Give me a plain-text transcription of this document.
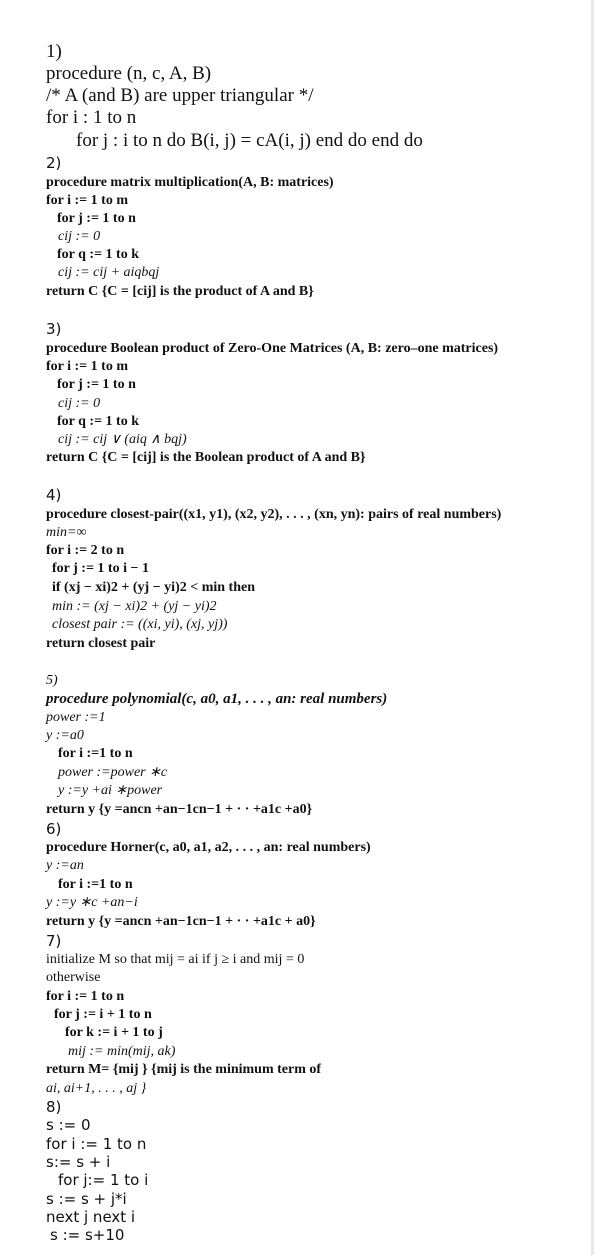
1)
procedure (n, c, A, B)
/* A (and B) are upper triangular */
for i : 1 to n
for j : i to n do B(i, j) = cA(i, j) end do end do
2)
procedure matrix multiplication(A, B: matrices)
for i := 1 to m
for j := 1 to n
cij := 0
for q := 1 to k
cij := cij + aiqbqj
return C {C = [cij] is the product of A and B}
3)
procedure Boolean product of Zero-One Matrices (A, B: zero–one matrices)
for i := 1 to m
for j := 1 to n
cij := 0
for q := 1 to k
cij := cij ∨ (aiq ∧ bqj)
return C {C = [cij] is the Boolean product of A and B}
4)
procedure closest-pair((x1, y1), (x2, y2), . . . , (xn, yn): pairs of real numbers)
min=∞
for i := 2 to n
for j := 1 to i − 1
if (xj − xi)2 + (yj − yi)2 < min then
min := (xj − xi)2 + (yj − yi)2
closest pair := ((xi, yi), (xj, yj))
return closest pair
5)
procedure polynomial(c, a0, a1, . . . , an: real numbers)
power :=1
y :=a0
for i :=1 to n
power :=power ∗c
y :=y +ai ∗power
return y {y =ancn +an−1cn−1 + · · +a1c +a0}
6)
procedure Horner(c, a0, a1, a2, . . . , an: real numbers)
y :=an
for i :=1 to n
y :=y ∗c +an−i
return y {y =ancn +an−1cn−1 + · · +a1c + a0}
7)
initialize M so that mij = ai if j ≥ i and mij = 0
otherwise
for i := 1 to n
for j := i + 1 to n
for k := i + 1 to j
mij := min(mij, ak)
return M= {mij } {mij is the minimum term of
ai, ai+1, . . . , aj }
8)
s := 0
for i := 1 to n
s:= s + i
for j:= 1 to i
s := s + j*i
next j next i
s := s+10
